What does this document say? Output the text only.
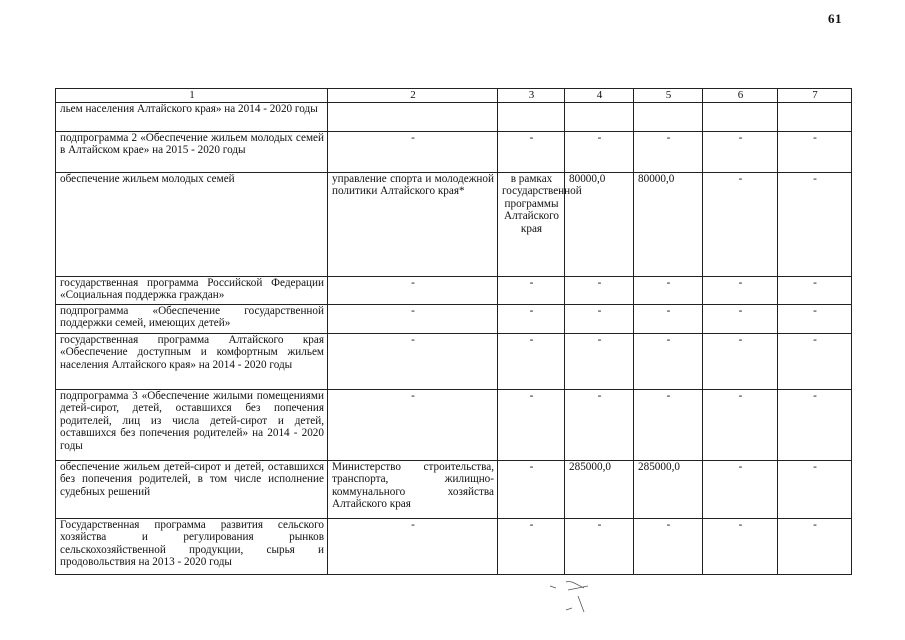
61
1	2	3	4	5	6	7
льем населения Алтайского края» на 2014 - 2020 годы						
подпрограмма 2 «Обеспечение жильем молодых семей в Алтайском крае» на 2015 - 2020 годы	-	-	-	-	-	-
обеспечение жильем молодых семей	управление спорта и молодежной политики Алтайского края*	в рамках государственной программы Алтайского края	80000,0	80000,0	-	-
государственная программа Российской Федерации «Социальная поддержка граждан»	-	-	-	-	-	-
подпрограмма «Обеспечение государственной поддержки семей, имеющих детей»	-	-	-	-	-	-
государственная программа Алтайского края «Обеспечение доступным и комфортным жильем населения Алтайского края» на 2014 - 2020 годы	-	-	-	-	-	-
подпрограмма 3 «Обеспечение жилыми помещениями детей-сирот, детей, оставшихся без попечения родителей, лиц из числа детей-сирот и детей, оставшихся без попечения родителей» на 2014 - 2020 годы	-	-	-	-	-	-
обеспечение жильем детей-сирот и детей, оставшихся без попечения родителей, в том числе исполнение судебных решений	Министерство строительства, транспорта, жилищно-коммунального хозяйства Алтайского края	-	285000,0	285000,0	-	-
Государственная программа развития сельского хозяйства и регулирования рынков сельскохозяйственной продукции, сырья и продовольствия на 2013 - 2020 годы	-	-	-	-	-	-
